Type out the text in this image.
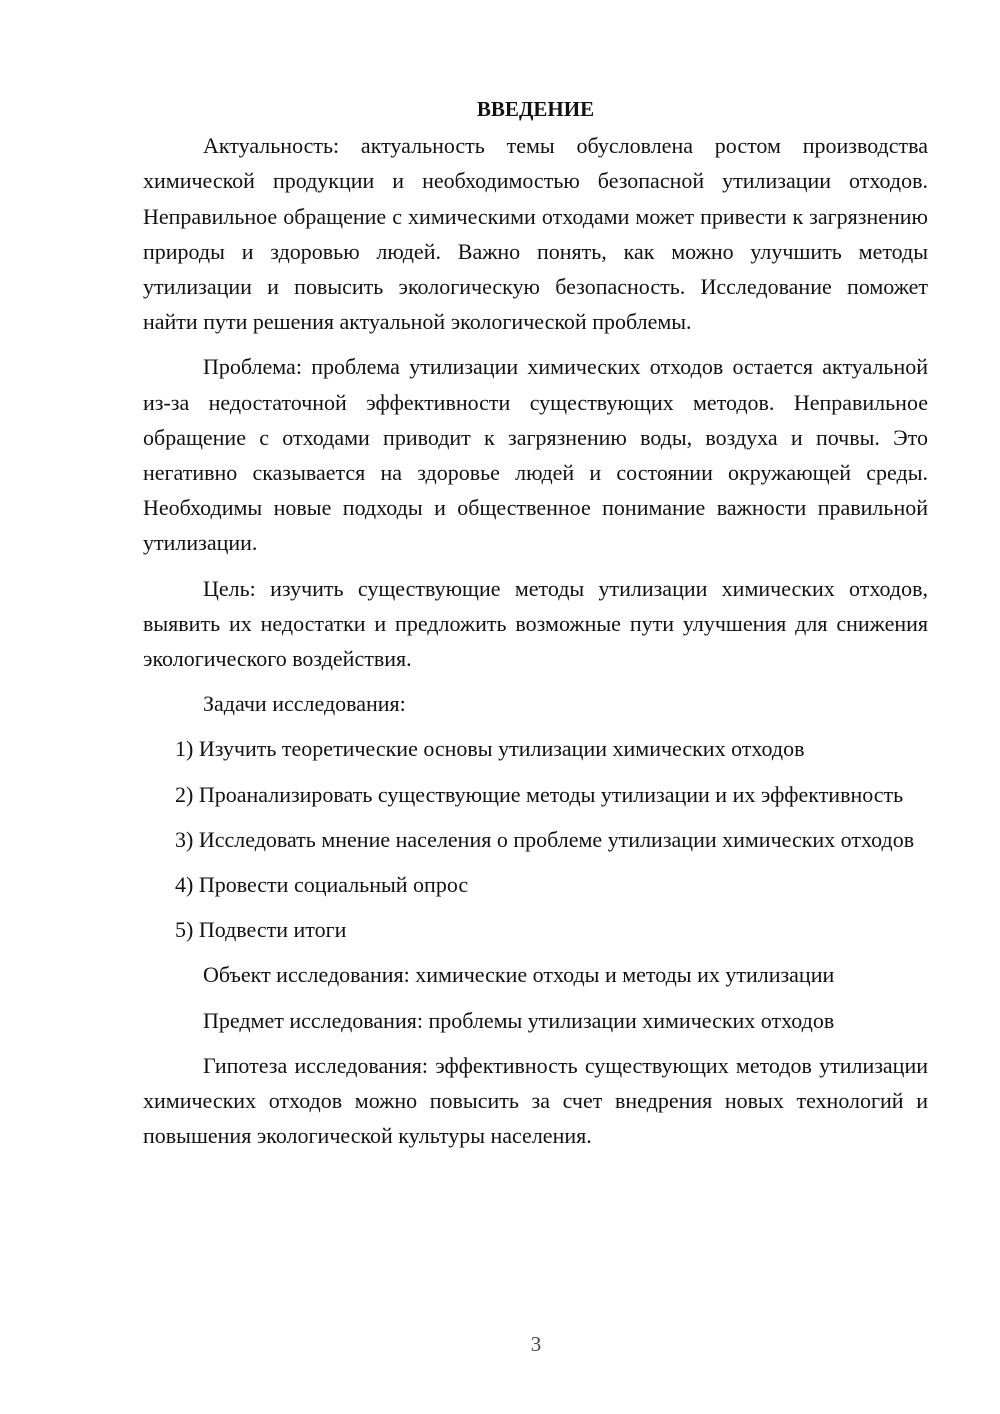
ВВЕДЕНИЕ

Актуальность: актуальность темы обусловлена ростом производства химической продукции и необходимостью безопасной утилизации отходов. Неправильное обращение с химическими отходами может привести к загрязнению природы и здоровью людей. Важно понять, как можно улучшить методы утилизации и повысить экологическую безопасность. Исследование поможет найти пути решения актуальной экологической проблемы.

Проблема: проблема утилизации химических отходов остается актуальной из-за недостаточной эффективности существующих методов. Неправильное обращение с отходами приводит к загрязнению воды, воздуха и почвы. Это негативно сказывается на здоровье людей и состоянии окружающей среды. Необходимы новые подходы и общественное понимание важности правильной утилизации.

Цель: изучить существующие методы утилизации химических отходов, выявить их недостатки и предложить возможные пути улучшения для снижения экологического воздействия.

Задачи исследования:

1) Изучить теоретические основы утилизации химических отходов

2) Проанализировать существующие методы утилизации и их эффективность

3) Исследовать мнение населения о проблеме утилизации химических отходов

4) Провести социальный опрос

5) Подвести итоги

Объект исследования: химические отходы и методы их утилизации

Предмет исследования: проблемы утилизации химических отходов

Гипотеза исследования: эффективность существующих методов утилизации химических отходов можно повысить за счет внедрения новых технологий и повышения экологической культуры населения.

3
